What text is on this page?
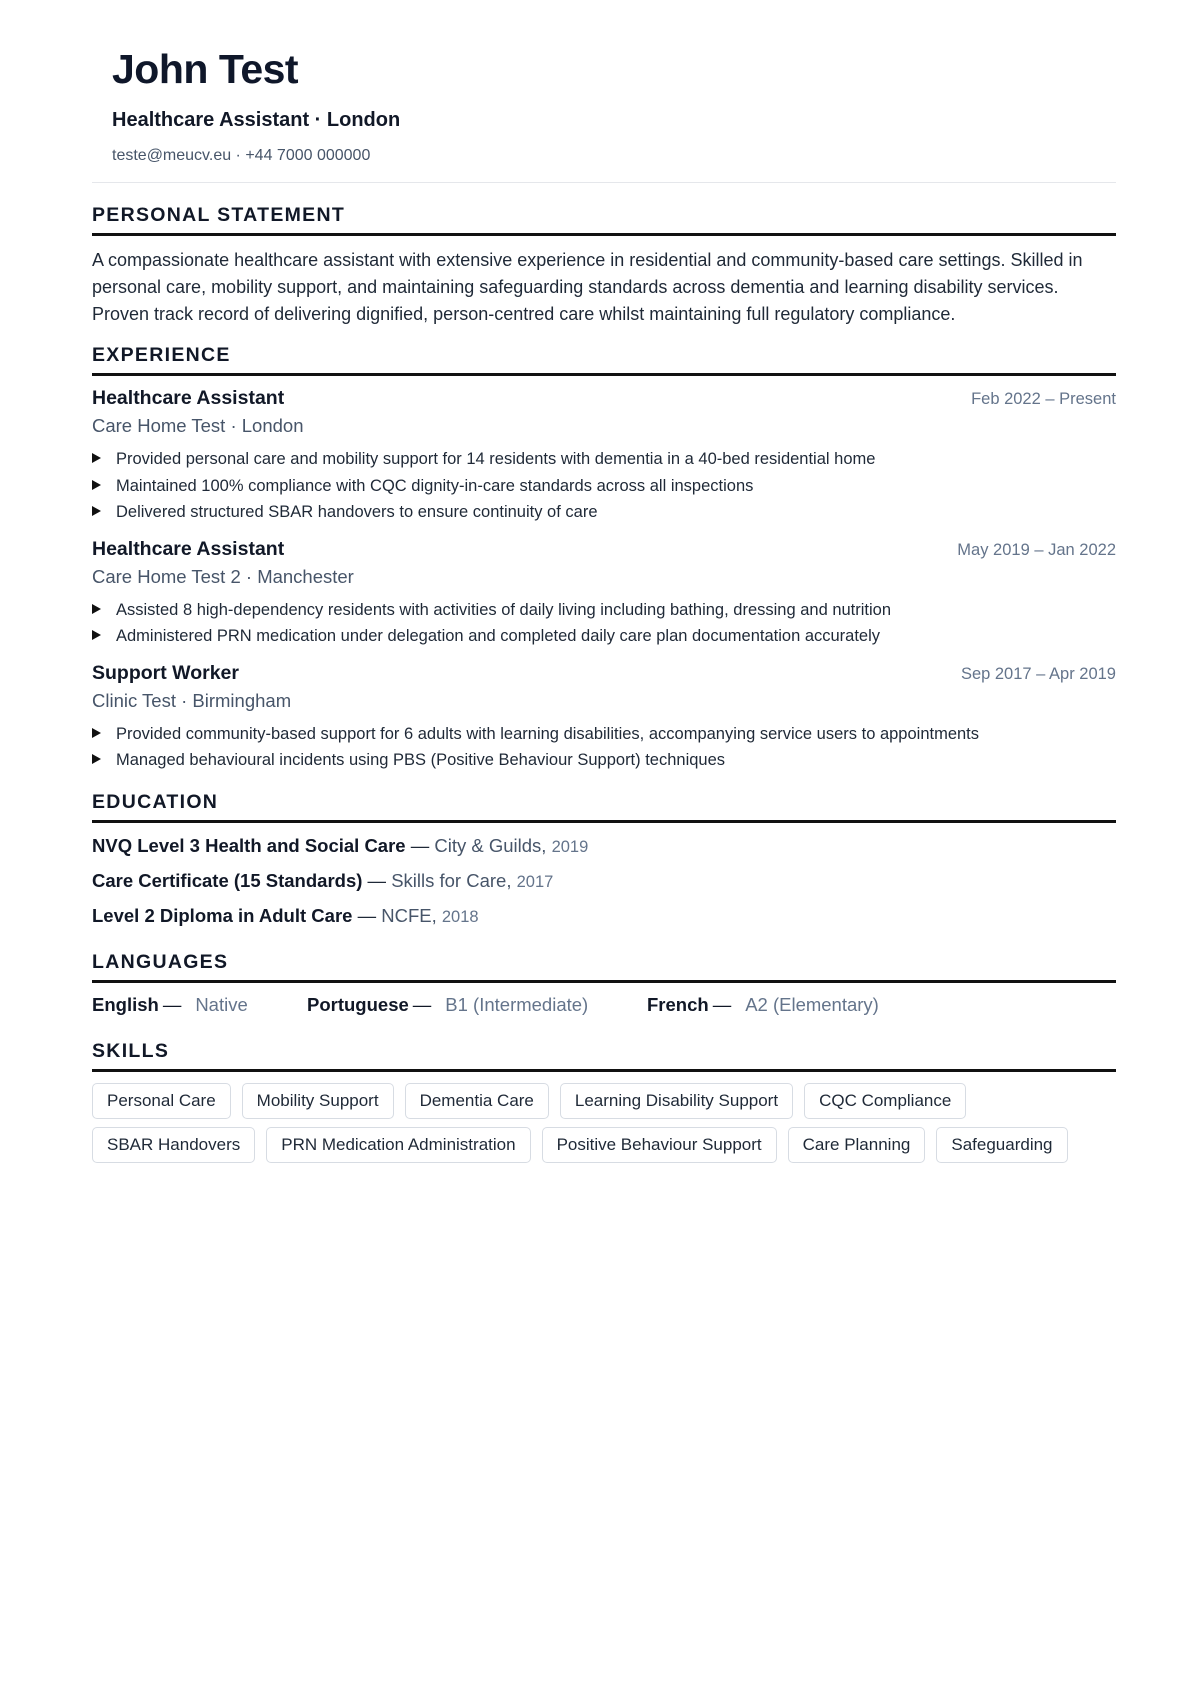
John Test
Healthcare Assistant · London
teste@meucv.eu · +44 7000 000000
PERSONAL STATEMENT

A compassionate healthcare assistant with extensive experience in residential and community-based care settings. Skilled in personal care, mobility support, and maintaining safeguarding standards across dementia and learning disability services. Proven track record of delivering dignified, person-centred care whilst maintaining full regulatory compliance.

EXPERIENCE
Healthcare Assistant	Feb 2022 – Present
Care Home Test · London
Provided personal care and mobility support for 14 residents with dementia in a 40-bed residential home
Maintained 100% compliance with CQC dignity-in-care standards across all inspections
Delivered structured SBAR handovers to ensure continuity of care
Healthcare Assistant	May 2019 – Jan 2022
Care Home Test 2 · Manchester
Assisted 8 high-dependency residents with activities of daily living including bathing, dressing and nutrition
Administered PRN medication under delegation and completed daily care plan documentation accurately
Support Worker	Sep 2017 – Apr 2019
Clinic Test · Birmingham
Provided community-based support for 6 adults with learning disabilities, accompanying service users to appointments
Managed behavioural incidents using PBS (Positive Behaviour Support) techniques
EDUCATION
NVQ Level 3 Health and Social Care — City & Guilds, 2019
Care Certificate (15 Standards) — Skills for Care, 2017
Level 2 Diploma in Adult Care — NCFE, 2018
LANGUAGES
English — Native	Portuguese — B1 (Intermediate)	French — A2 (Elementary)
SKILLS
Personal Care	Mobility Support	Dementia Care	Learning Disability Support	CQC Compliance
SBAR Handovers	PRN Medication Administration	Positive Behaviour Support	Care Planning	Safeguarding
